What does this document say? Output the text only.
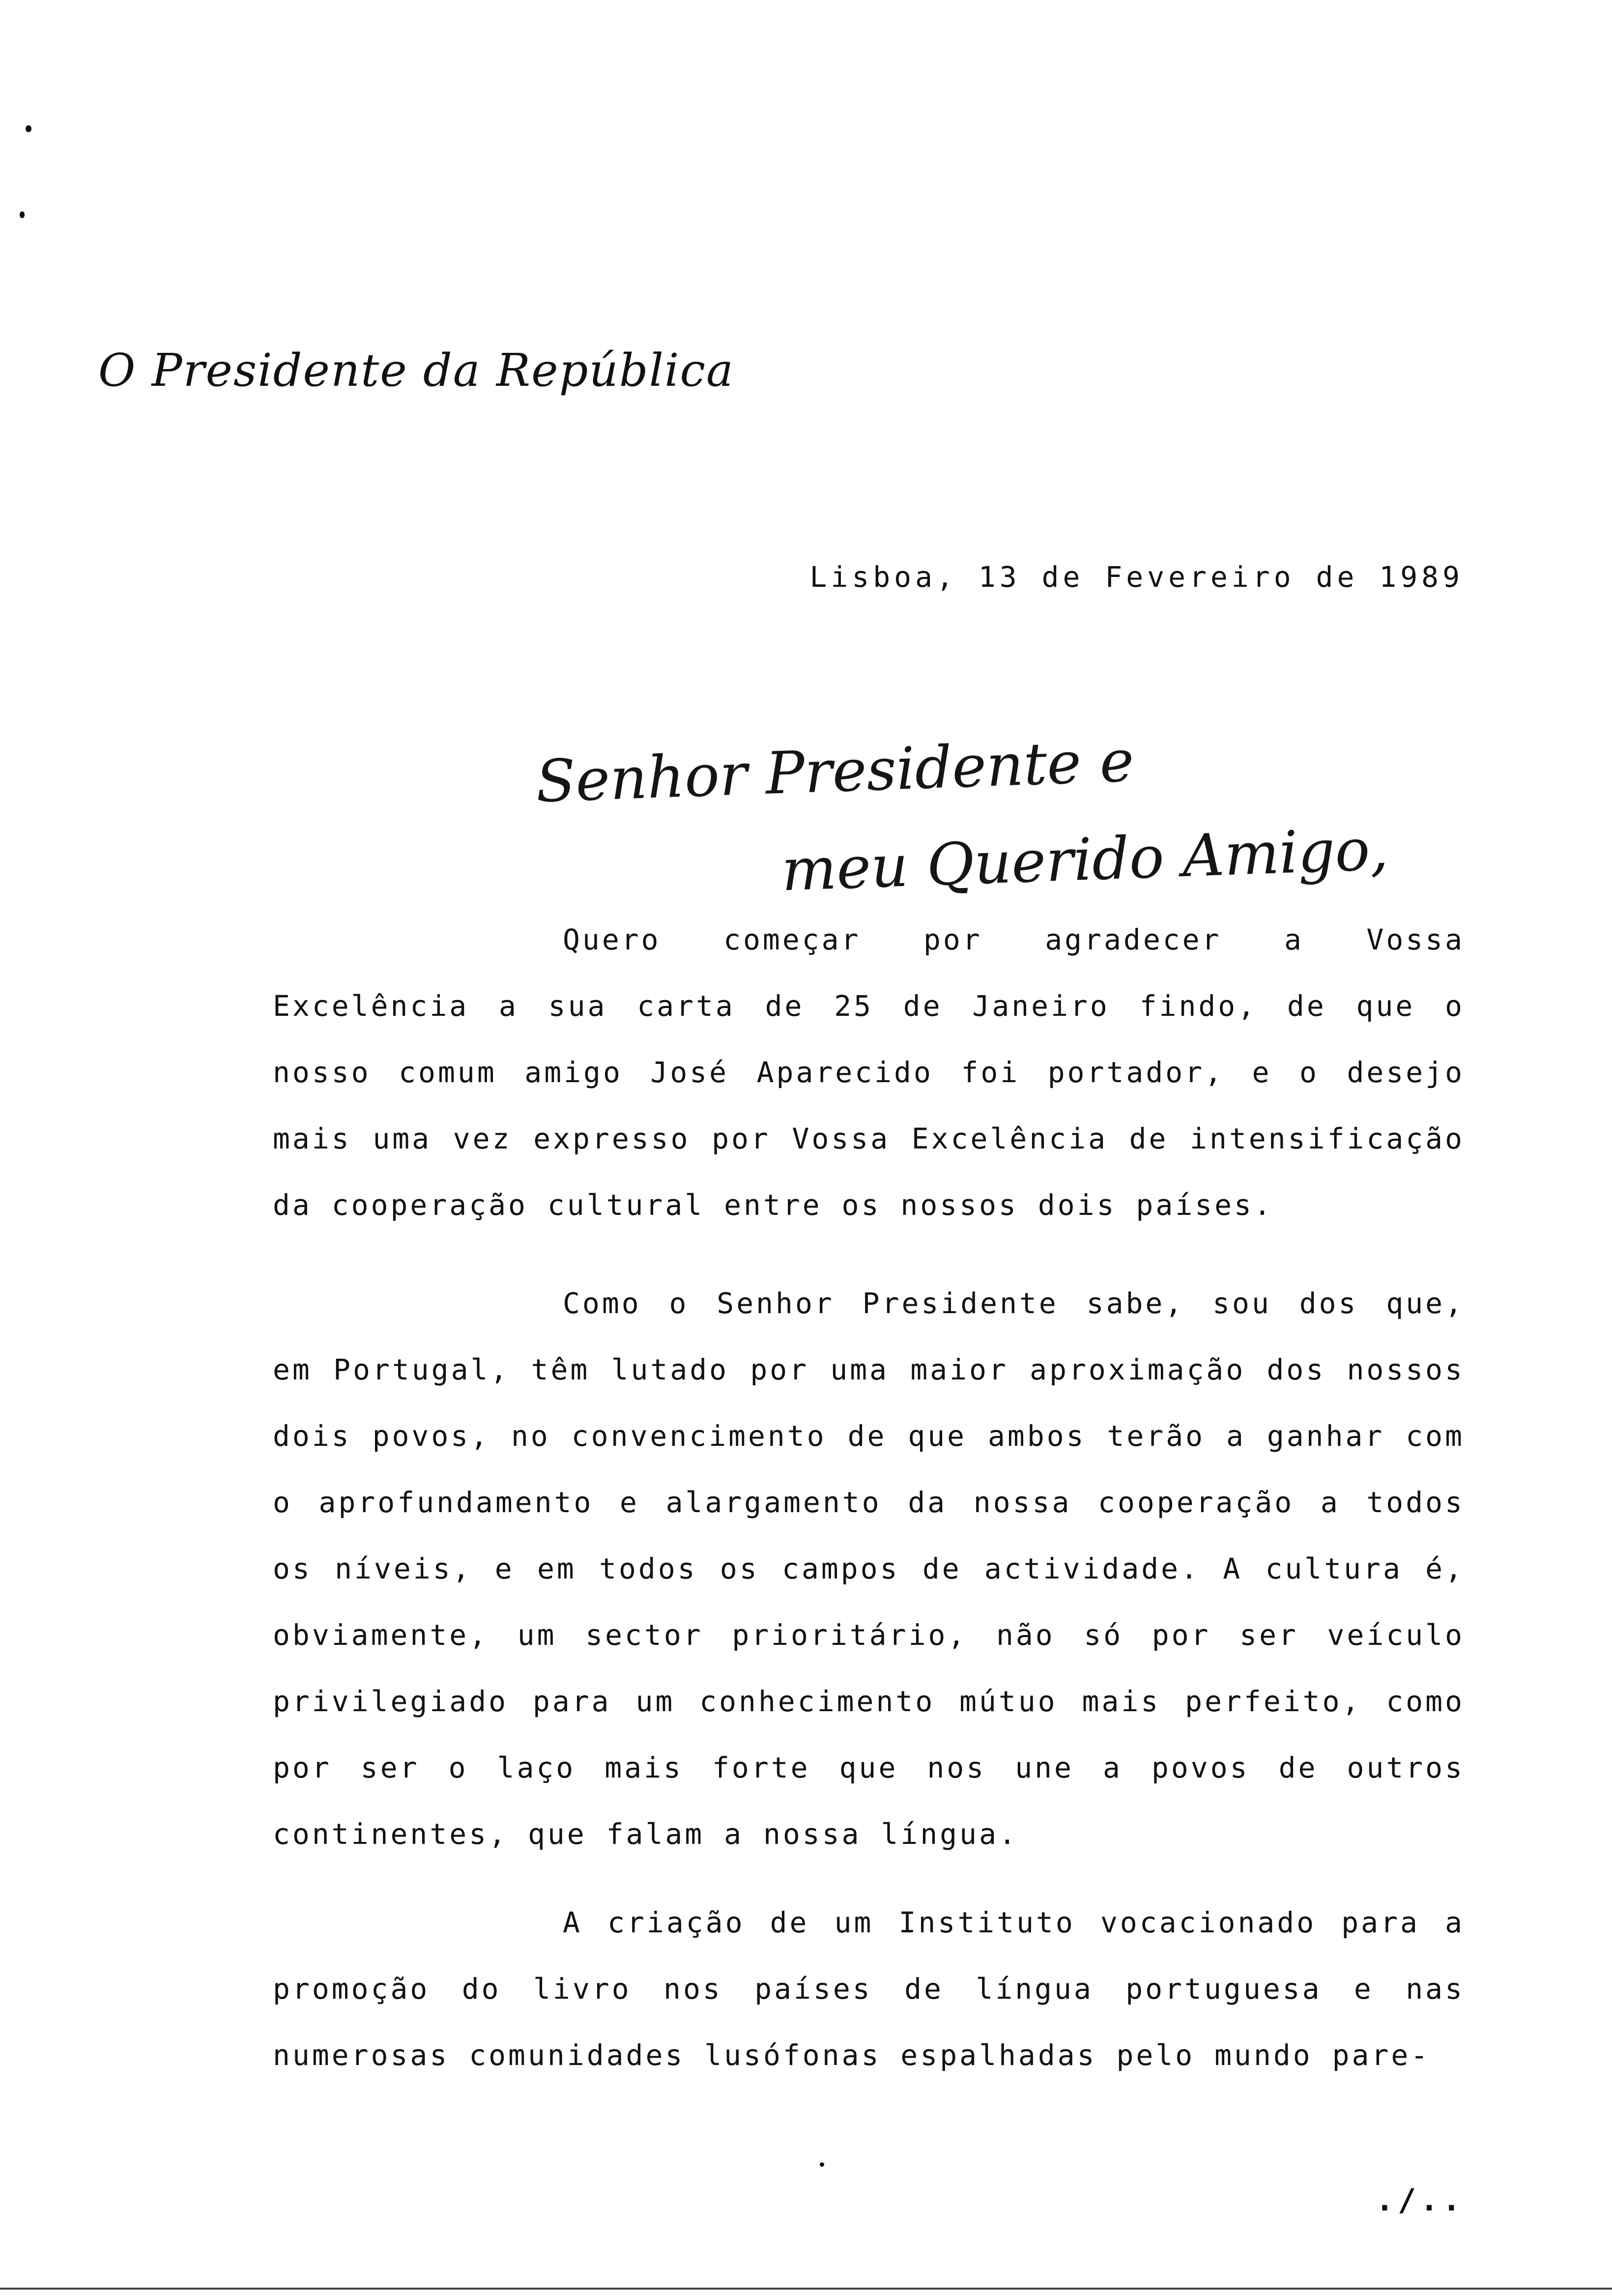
O Presidente da República
Lisboa, 13 de Fevereiro de 1989
Senhor Presidente e
meu Querido Amigo,

Quero começar por agradecer a Vossa Excelência a sua carta de 25 de Janeiro findo, de que o nosso comum amigo José Aparecido foi portador, e o desejo mais uma vez expresso por Vossa Excelência de intensificação da cooperação cultural entre os nossos dois países.

Como o Senhor Presidente sabe, sou dos que, em Portugal, têm lutado por uma maior aproximação dos nossos dois povos, no convencimento de que ambos terão a ganhar com o aprofundamento e alargamento da nossa cooperação a todos os níveis, e em todos os campos de actividade. A cultura é, obviamente, um sector prioritário, não só por ser veículo privilegiado para um conhecimento mútuo mais perfeito, como por ser o laço mais forte que nos une a povos de outros continentes, que falam a nossa língua.

A criação de um Instituto vocacionado para a promoção do livro nos países de língua portuguesa e nas numerosas comunidades lusófonas espalhadas pelo mundo pare-

./..
